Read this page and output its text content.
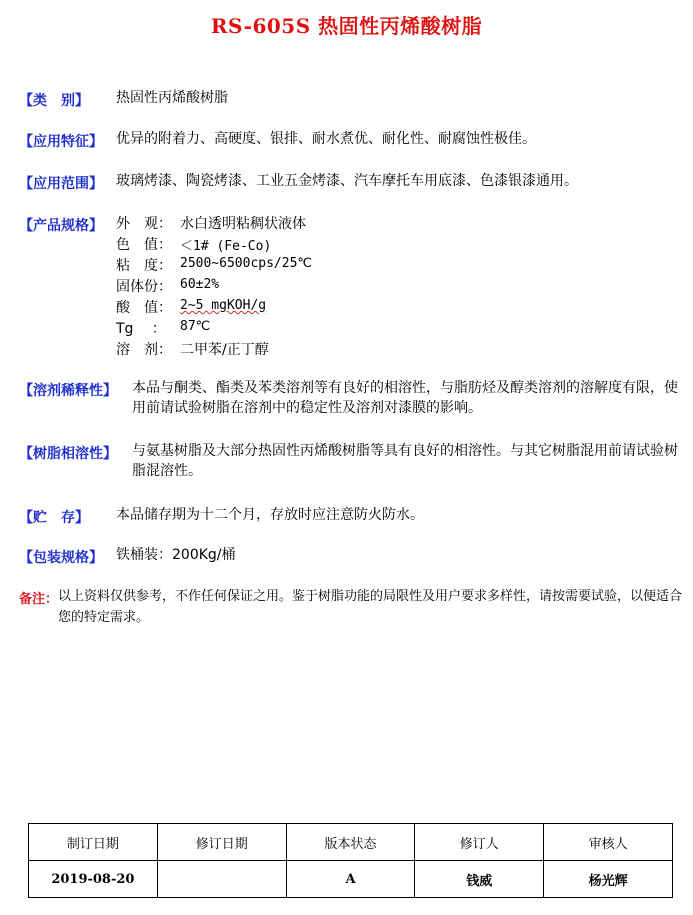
RS-605S 热固性丙烯酸树脂
【类　别】 热固性丙烯酸树脂
【应用特征】 优异的附着力、高硬度、银排、耐水煮优、耐化性、耐腐蚀性极佳。
【应用范围】 玻璃烤漆、陶瓷烤漆、工业五金烤漆、汽车摩托车用底漆、色漆银漆通用。
【产品规格】 外　观： 水白透明粘稠状液体
色　值： ＜1# (Fe-Co)
粘　度： 2500~6500cps/25℃
固体份： 60±2%
酸　值： 2~5 mgKOH/g
Tg　 ：	87℃
溶　剂： 二甲苯/正丁醇
【溶剂稀释性】 本品与酮类、酯类及苯类溶剂等有良好的相溶性，与脂肪烃及醇类溶剂的溶解度有限，使用前请试验树脂在溶剂中的稳定性及溶剂对漆膜的影响。
【树脂相溶性】 与氨基树脂及大部分热固性丙烯酸树脂等具有良好的相溶性。与其它树脂混用前请试验树脂混溶性。
【贮　存】 本品储存期为十二个月，存放时应注意防火防水。
【包装规格】 铁桶装：200Kg/桶
备注： 以上资料仅供参考，不作任何保证之用。鉴于树脂功能的局限性及用户要求多样性，请按需要试验，以便适合您的特定需求。
制订日期	修订日期	版本状态	修订人	审核人
2019-08-20		A	钱威	杨光辉
